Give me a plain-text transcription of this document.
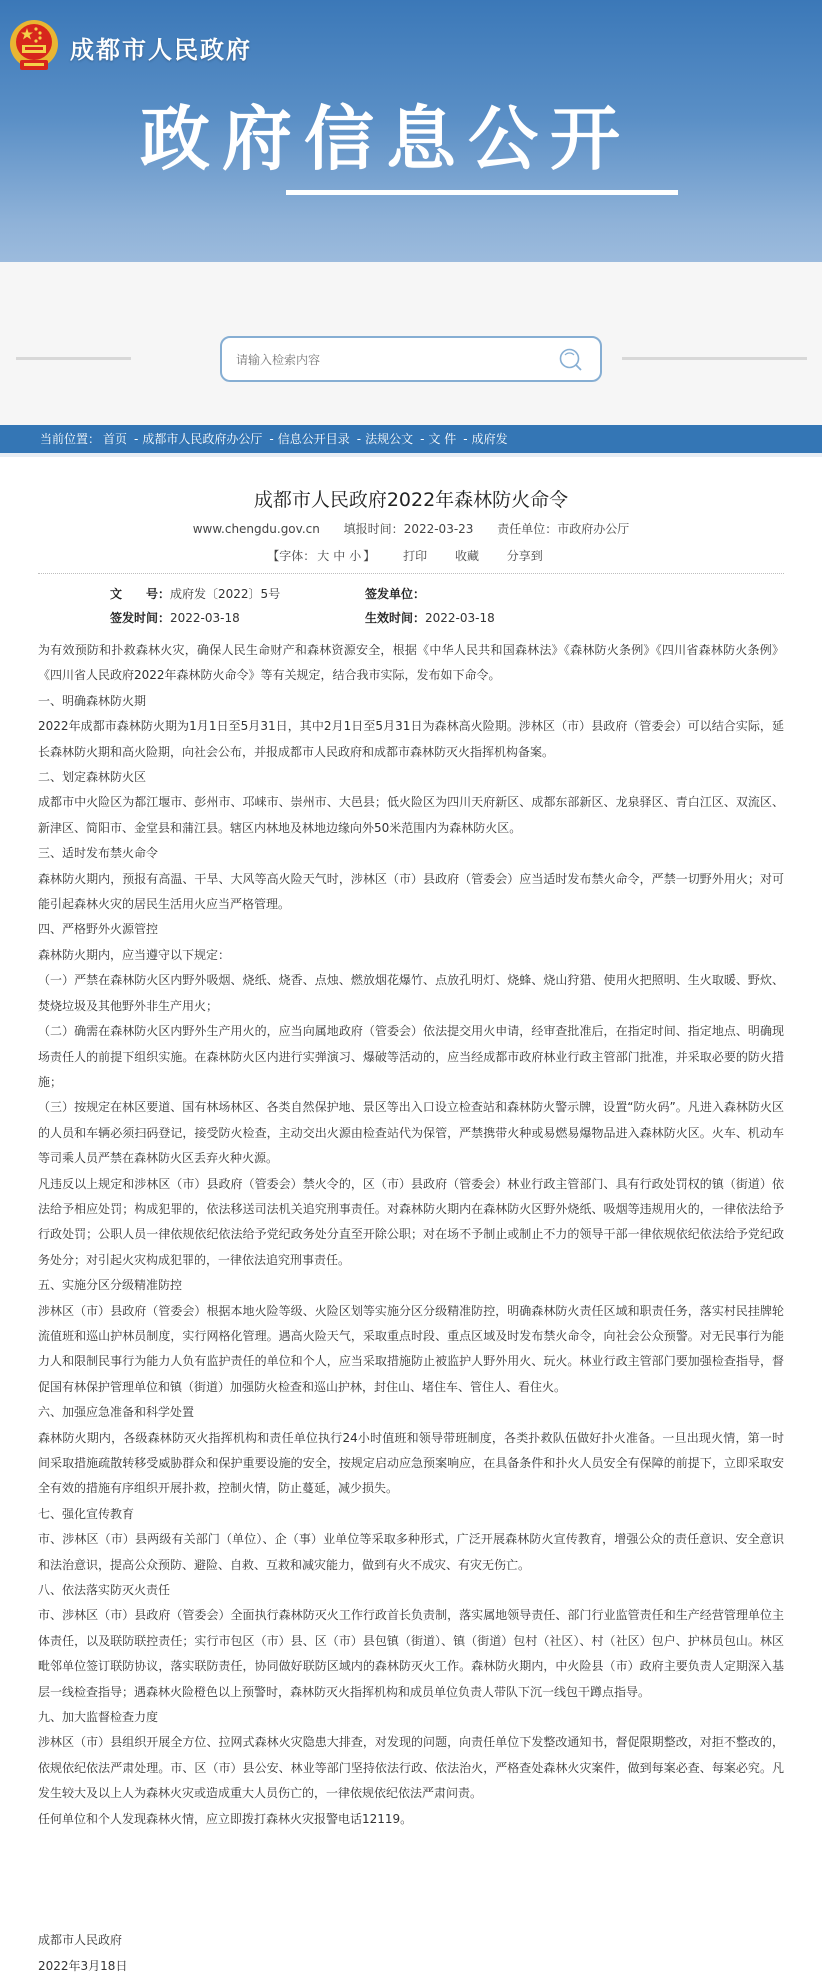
成都市人民政府
政府信息公开
请输入检索内容
当前位置： 首页 - 成都市人民政府办公厅 - 信息公开目录 - 法规公文 - 文 件 - 成府发
成都市人民政府2022年森林防火命令
www.chengdu.gov.cn 填报时间：2022-03-23 责任单位：市政府办公厅
【字体： 大 中 小 】 打印 收藏 分享到
文　　号：成府发〔2022〕5号	签发单位：
签发时间：2022-03-18	生效时间：2022-03-18

为有效预防和扑救森林火灾，确保人民生命财产和森林资源安全，根据《中华人民共和国森林法》《森林防火条例》《四川省森林防火条例》《四川省人民政府2022年森林防火命令》等有关规定，结合我市实际，发布如下命令。

一、明确森林防火期

2022年成都市森林防火期为1月1日至5月31日，其中2月1日至5月31日为森林高火险期。涉林区（市）县政府（管委会）可以结合实际，延长森林防火期和高火险期，向社会公布，并报成都市人民政府和成都市森林防灭火指挥机构备案。

二、划定森林防火区

成都市中火险区为都江堰市、彭州市、邛崃市、崇州市、大邑县；低火险区为四川天府新区、成都东部新区、龙泉驿区、青白江区、双流区、新津区、简阳市、金堂县和蒲江县。辖区内林地及林地边缘向外50米范围内为森林防火区。

三、适时发布禁火命令

森林防火期内，预报有高温、干旱、大风等高火险天气时，涉林区（市）县政府（管委会）应当适时发布禁火命令，严禁一切野外用火；对可能引起森林火灾的居民生活用火应当严格管理。

四、严格野外火源管控

森林防火期内，应当遵守以下规定：

（一）严禁在森林防火区内野外吸烟、烧纸、烧香、点烛、燃放烟花爆竹、点放孔明灯、烧蜂、烧山狩猎、使用火把照明、生火取暖、野炊、焚烧垃圾及其他野外非生产用火；

（二）确需在森林防火区内野外生产用火的，应当向属地政府（管委会）依法提交用火申请，经审查批准后，在指定时间、指定地点、明确现场责任人的前提下组织实施。在森林防火区内进行实弹演习、爆破等活动的，应当经成都市政府林业行政主管部门批准，并采取必要的防火措施；

（三）按规定在林区要道、国有林场林区、各类自然保护地、景区等出入口设立检查站和森林防火警示牌，设置“防火码”。凡进入森林防火区的人员和车辆必须扫码登记，接受防火检查，主动交出火源由检查站代为保管，严禁携带火种或易燃易爆物品进入森林防火区。火车、机动车等司乘人员严禁在森林防火区丢弃火种火源。

凡违反以上规定和涉林区（市）县政府（管委会）禁火令的，区（市）县政府（管委会）林业行政主管部门、具有行政处罚权的镇（街道）依法给予相应处罚；构成犯罪的，依法移送司法机关追究刑事责任。对森林防火期内在森林防火区野外烧纸、吸烟等违规用火的，一律依法给予行政处罚；公职人员一律依规依纪依法给予党纪政务处分直至开除公职；对在场不予制止或制止不力的领导干部一律依规依纪依法给予党纪政务处分；对引起火灾构成犯罪的，一律依法追究刑事责任。

五、实施分区分级精准防控

涉林区（市）县政府（管委会）根据本地火险等级、火险区划等实施分区分级精准防控，明确森林防火责任区域和职责任务，落实村民挂牌轮流值班和巡山护林员制度，实行网格化管理。遇高火险天气，采取重点时段、重点区域及时发布禁火命令，向社会公众预警。对无民事行为能力人和限制民事行为能力人负有监护责任的单位和个人，应当采取措施防止被监护人野外用火、玩火。林业行政主管部门要加强检查指导，督促国有林保护管理单位和镇（街道）加强防火检查和巡山护林，封住山、堵住车、管住人、看住火。

六、加强应急准备和科学处置

森林防火期内，各级森林防灭火指挥机构和责任单位执行24小时值班和领导带班制度，各类扑救队伍做好扑火准备。一旦出现火情，第一时间采取措施疏散转移受威胁群众和保护重要设施的安全，按规定启动应急预案响应，在具备条件和扑火人员安全有保障的前提下，立即采取安全有效的措施有序组织开展扑救，控制火情，防止蔓延，减少损失。

七、强化宣传教育

市、涉林区（市）县两级有关部门（单位）、企（事）业单位等采取多种形式，广泛开展森林防火宣传教育，增强公众的责任意识、安全意识和法治意识，提高公众预防、避险、自救、互救和减灾能力，做到有火不成灾、有灾无伤亡。

八、依法落实防灭火责任

市、涉林区（市）县政府（管委会）全面执行森林防灭火工作行政首长负责制，落实属地领导责任、部门行业监管责任和生产经营管理单位主体责任，以及联防联控责任；实行市包区（市）县、区（市）县包镇（街道）、镇（街道）包村（社区）、村（社区）包户、护林员包山。林区毗邻单位签订联防协议，落实联防责任，协同做好联防区域内的森林防灭火工作。森林防火期内，中火险县（市）政府主要负责人定期深入基层一线检查指导；遇森林火险橙色以上预警时，森林防灭火指挥机构和成员单位负责人带队下沉一线包干蹲点指导。

九、加大监督检查力度

涉林区（市）县组织开展全方位、拉网式森林火灾隐患大排查，对发现的问题，向责任单位下发整改通知书，督促限期整改，对拒不整改的，依规依纪依法严肃处理。市、区（市）县公安、林业等部门坚持依法行政、依法治火，严格查处森林火灾案件，做到每案必查、每案必究。凡发生较大及以上人为森林火灾或造成重大人员伤亡的，一律依规依纪依法严肃问责。

任何单位和个人发现森林火情，应立即拨打森林火灾报警电话12119。

成都市人民政府
2022年3月18日
